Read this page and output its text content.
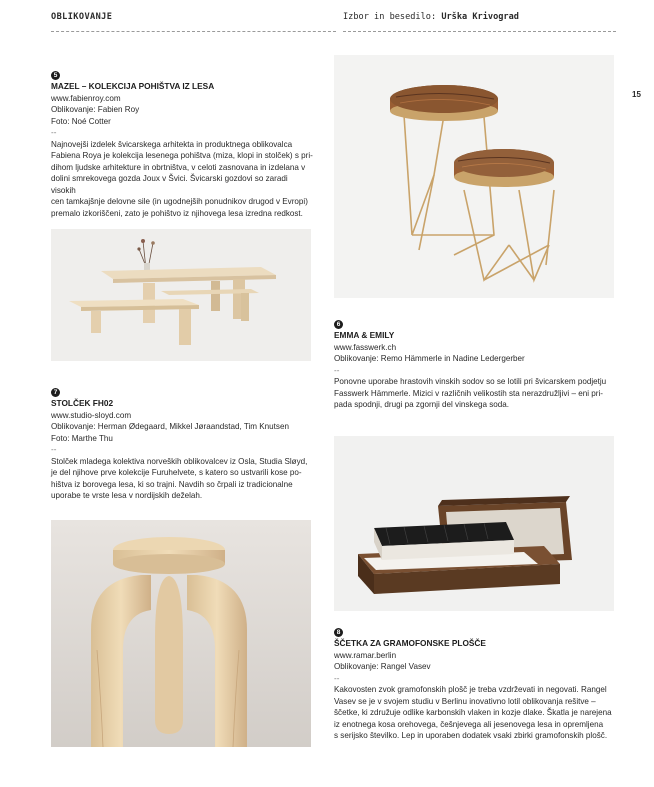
OBLIKOVANJE	Izbor in besedilo: Urška Krivograd
15
5
MAZEL – KOLEKCIJA POHIŠTVA IZ LESA
www.fabienroy.com
Oblikovanje: Fabien Roy
Foto: Noé Cotter
--
Najnovejši izdelek švicarskega arhitekta in produktnega oblikovalca
Fabiena Roya je kolekcija lesenega pohištva (miza, klopi in stolček) s pri-
dihom ljudske arhitekture in obrtništva, v celoti zasnovana in izdelana v
dolini smrekovega gozda Joux v Švici. Švicarski gozdovi so zaradi visokih
cen tamkajšnje delovne sile (in ugodnejših ponudnikov drugod v Evropi)
premalo izkoriščeni, zato je pohištvo iz njihovega lesa izredna redkost.
7
STOLČEK FH02
www.studio-sloyd.com
Oblikovanje: Herman Ødegaard, Mikkel Jøraandstad, Tim Knutsen
Foto: Marthe Thu
--
Stolček mladega kolektiva norveških oblikovalcev iz Osla, Studia Sløyd,
je del njihove prve kolekcije Furuhelvete, s katero so ustvarili kose po-
hištva iz borovega lesa, ki so trajni. Navdih so črpali iz tradicionalne
uporabe te vrste lesa v nordijskih deželah.
6
EMMA & EMILY
www.fasswerk.ch
Oblikovanje: Remo Hämmerle in Nadine Ledergerber
--
Ponovne uporabe hrastovih vinskih sodov so se lotili pri švicarskem podjetju
Fasswerk Hämmerle. Mizici v različnih velikostih sta nerazdružljivi – eni pri-
pada spodnji, drugi pa zgornji del vinskega soda.
8
ŠČETKA ZA GRAMOFONSKE PLOŠČE
www.ramar.berlin
Oblikovanje: Rangel Vasev
--
Kakovosten zvok gramofonskih plošč je treba vzdrževati in negovati. Rangel
Vasev se je v svojem studiu v Berlinu inovativno lotil oblikovanja rešitve –
ščetke, ki združuje odlike karbonskih vlaken in kozje dlake. Škatla je narejena
iz enotnega kosa orehovega, češnjevega ali jesenovega lesa in opremljena
s serijsko številko. Lep in uporaben dodatek vsaki zbirki gramofonskih plošč.
